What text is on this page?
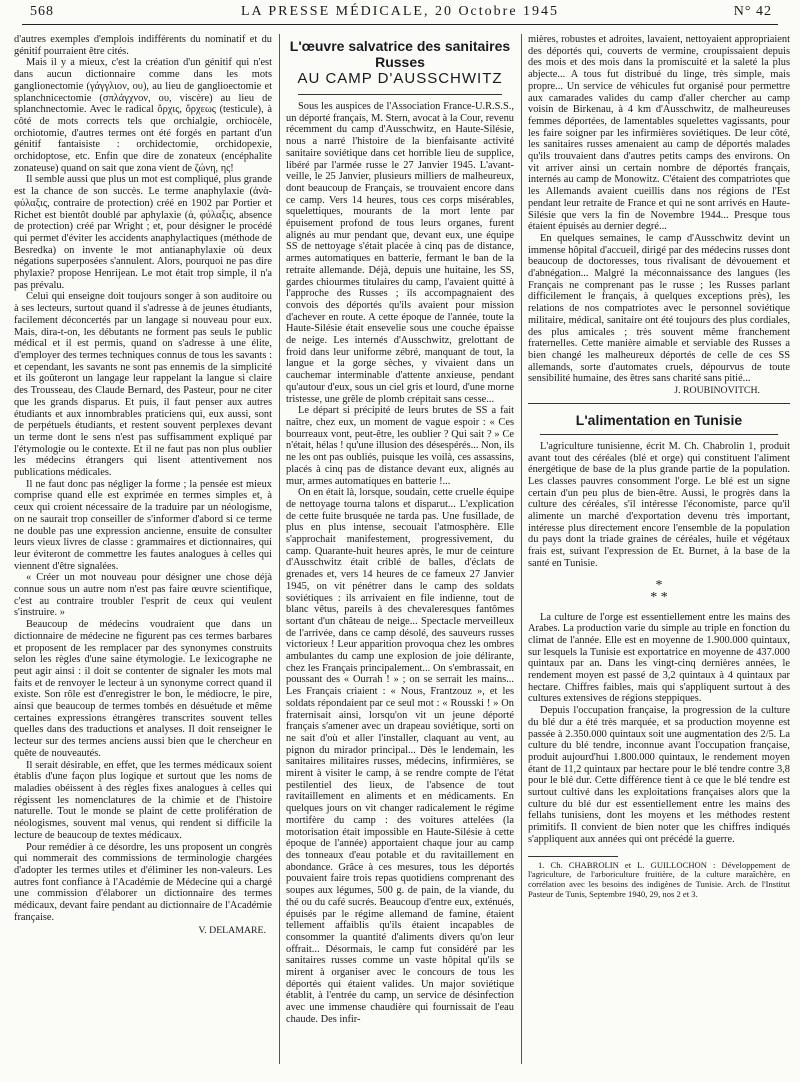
568	LA PRESSE MÉDICALE, 20 Octobre 1945	N° 42

d'autres exemples d'emplois indifférents du nominatif et du génitif pourraient être cités.

Mais il y a mieux, c'est la création d'un génitif qui n'est dans aucun dictionnaire comme dans les mots ganglionectomie (γάγγλιον, ου), au lieu de ganglioectomie et splanchnicectomie (σπλάγχνον, ου, viscère) au lieu de splanchnectomie. Avec le radical ὄρχις, ὄρχεως (testicule), à côté de mots corrects tels que orchialgie, orchiocèle, orchiotomie, d'autres termes ont été forgés en partant d'un génitif fantaisiste : orchidectomie, orchidopexie, orchidoptose, etc. Enfin que dire de zonateux (encéphalite zonateuse) quand on sait que zona vient de ζώνη, ης!

Il semble aussi que plus un mot est compliqué, plus grande est la chance de son succès. Le terme anaphylaxie (ἀνὰ-φύλαξις, contraire de protection) créé en 1902 par Portier et Richet est bientôt doublé par aphylaxie (ἀ, φύλαξις, absence de protection) créé par Wright ; et, pour désigner le procédé qui permet d'éviter les accidents anaphylactiques (méthode de Besredka) on invente le mot antianaphylaxie où deux négations superposées s'annulent. Alors, pourquoi ne pas dire phylaxie? propose Henrijean. Le mot était trop simple, il n'a pas prévalu.

Celui qui enseigne doit toujours songer à son auditoire ou à ses lecteurs, surtout quand il s'adresse à de jeunes étudiants, facilement déconcertés par un langage si nouveau pour eux. Mais, dira-t-on, les débutants ne forment pas seuls le public médical et il est permis, quand on s'adresse à une élite, d'employer des termes techniques connus de tous les savants : et cependant, les savants ne sont pas ennemis de la simplicité et ils goûteront un langage leur rappelant la langue si claire des Trousseau, des Claude Bernard, des Pasteur, pour ne citer que les grands disparus. Et puis, il faut penser aux autres étudiants et aux innombrables praticiens qui, eux aussi, sont de perpétuels étudiants, et restent souvent perplexes devant un terme dont le sens n'est pas suffisamment expliqué par l'étymologie ou le contexte. Et il ne faut pas non plus oublier les médecins étrangers qui lisent attentivement nos publications médicales.

Il ne faut donc pas négliger la forme ; la pensée est mieux comprise quand elle est exprimée en termes simples et, à ceux qui croient nécessaire de la traduire par un néologisme, on ne saurait trop conseiller de s'informer d'abord si ce terme ne double pas une expression ancienne, ensuite de consulter leurs vieux livres de classe : grammaires et dictionnaires, qui leur éviteront de commettre les fautes analogues à celles qui viennent d'être signalées.

« Créer un mot nouveau pour désigner une chose déjà connue sous un autre nom n'est pas faire œuvre scientifique, c'est au contraire troubler l'esprit de ceux qui veulent s'instruire. »

Beaucoup de médecins voudraient que dans un dictionnaire de médecine ne figurent pas ces termes barbares et proposent de les remplacer par des synonymes construits selon les règles d'une saine étymologie. Le lexicographe ne peut agir ainsi : il doit se contenter de signaler les mots mal faits et de renvoyer le lecteur à un synonyme correct quand il existe. Son rôle est d'enregistrer le bon, le médiocre, le pire, ainsi que beaucoup de termes tombés en désuétude et même certaines expressions étrangères transcrites souvent telles quelles dans des traductions et analyses. Il doit renseigner le lecteur sur des termes anciens aussi bien que le chercheur en quête de nouveautés.

Il serait désirable, en effet, que les termes médicaux soient établis d'une façon plus logique et surtout que les noms de maladies obéissent à des règles fixes analogues à celles qui régissent les nomenclatures de la chimie et de l'histoire naturelle. Tout le monde se plaint de cette prolifération de néologismes, souvent mal venus, qui rendent si difficile la lecture de beaucoup de textes médicaux.

Pour remédier à ce désordre, les uns proposent un congrès qui nommerait des commissions de terminologie chargées d'adopter les termes utiles et d'éliminer les non-valeurs. Les autres font confiance à l'Académie de Médecine qui a chargé une commission d'élaborer un dictionnaire des termes médicaux, devant faire pendant au dictionnaire de l'Académie française.

V. DELAMARE.
L'œuvre salvatrice des sanitaires Russes
AU CAMP D'AUSSCHWITZ

Sous les auspices de l'Association France-U.R.S.S., un déporté français, M. Stern, avocat à la Cour, revenu récemment du camp d'Ausschwitz, en Haute-Silésie, nous a narré l'histoire de la bienfaisante activité sanitaire soviétique dans cet horrible lieu de supplice, libéré par l'armée russe le 27 Janvier 1945. L'avant-veille, le 25 Janvier, plusieurs milliers de malheureux, dont beaucoup de Français, se trouvaient encore dans ce camp. Vers 14 heures, tous ces corps misérables, squelettiques, mourants de la mort lente par épuisement profond de tous leurs organes, furent alignés au mur pendant que, devant eux, une équipe SS de nettoyage s'était placée à cinq pas de distance, armes automatiques en batterie, fermant le ban de la retraite allemande. Déjà, depuis une huitaine, les SS, gardes chiourmes titulaires du camp, l'avaient quitté à l'approche des Russes ; ils accompagnaient des convois des déportés qu'ils avaient pour mission d'achever en route. A cette époque de l'année, toute la Haute-Silésie était ensevelie sous une couche épaisse de neige. Les internés d'Ausschwitz, grelottant de froid dans leur uniforme zébré, manquant de tout, la langue et la gorge sèches, y vivaient dans un cauchemar interminable d'attente anxieuse, pendant qu'autour d'eux, sous un ciel gris et lourd, d'une morne tristesse, une grêle de plomb crépitait sans cesse...

Le départ si précipité de leurs brutes de SS a fait naître, chez eux, un moment de vague espoir : « Ces bourreaux vont, peut-être, les oublier ? Qui sait ? » Ce n'était, hélas ! qu'une illusion des désespérés... Non, ils ne les ont pas oubliés, puisque les voilà, ces assassins, placés à cinq pas de distance devant eux, alignés au mur, armes automatiques en batterie !...

On en était là, lorsque, soudain, cette cruelle équipe de nettoyage tourna talons et disparut... L'explication de cette fuite brusquée ne tarda pas. Une fusillade, de plus en plus intense, secouait l'atmosphère. Elle s'approchait manifestement, progressivement, du camp. Quarante-huit heures après, le mur de ceinture d'Ausschwitz était criblé de balles, d'éclats de grenades et, vers 14 heures de ce fameux 27 Janvier 1945, on vit pénétrer dans le camp des soldats soviétiques : ils arrivaient en file indienne, tout de blanc vêtus, pareils à des chevaleresques fantômes sortant d'un château de neige... Spectacle merveilleux de l'arrivée, dans ce camp désolé, des sauveurs russes victorieux ! Leur apparition provoqua chez les ombres ambulantes du camp une explosion de joie délirante, chez les Français principalement... On s'embrassait, en poussant des « Ourrah ! » ; on se serrait les mains... Les Français criaient : « Nous, Frantzouz », et les soldats répondaient par ce seul mot : « Rousski ! » On fraternisait ainsi, lorsqu'on vit un jeune déporté français s'amener avec un drapeau soviétique, sorti on ne sait d'où et aller l'installer, claquant au vent, au pignon du mirador principal... Dès le lendemain, les sanitaires militaires russes, médecins, infirmières, se mirent à visiter le camp, à se rendre compte de l'état pestilentiel des lieux, de l'absence de tout ravitaillement en aliments et en médicaments. En quelques jours on vit changer radicalement le régime mortifère du camp : des voitures attelées (la motorisation était impossible en Haute-Silésie à cette époque de l'année) apportaient chaque jour au camp des tonneaux d'eau potable et du ravitaillement en abondance. Grâce à ces mesures, tous les déportés pouvaient faire trois repas quotidiens comprenant des soupes aux légumes, 500 g. de pain, de la viande, du thé ou du café sucrés. Beaucoup d'entre eux, exténués, épuisés par le régime allemand de famine, étaient tellement affaiblis qu'ils étaient incapables de consommer la quantité d'aliments divers qu'on leur offrait... Désormais, le camp fut considéré par les sanitaires russes comme un vaste hôpital qu'ils se mirent à organiser avec le concours de tous les déportés qui étaient valides. Un major soviétique établit, à l'entrée du camp, un service de désinfection avec une immense chaudière qui fournissait de l'eau chaude. Des infir-

mières, robustes et adroites, lavaient, nettoyaient appropriaient des déportés qui, couverts de vermine, croupissaient depuis des mois et des mois dans la promiscuité et la saleté la plus abjecte... A tous fut distribué du linge, très simple, mais propre... Un service de véhicules fut organisé pour permettre aux camarades valides du camp d'aller chercher au camp voisin de Birkenau, à 4 km d'Ausschwitz, de malheureuses femmes déportées, de lamentables squelettes vagissants, pour les faire soigner par les infirmières soviétiques. De leur côté, les sanitaires russes amenaient au camp de déportés malades qu'ils trouvaient dans d'autres petits camps des environs. On vit arriver ainsi un certain nombre de déportés français, internés au camp de Monowitz. C'étaient des compatriotes que les Allemands avaient cueillis dans nos régions de l'Est pendant leur retraite de France et qui ne sont arrivés en Haute-Silésie que vers la fin de Novembre 1944... Presque tous étaient épuisés au dernier degré...

En quelques semaines, le camp d'Ausschwitz devint un immense hôpital d'accueil, dirigé par des médecins russes dont beaucoup de doctoresses, tous rivalisant de dévouement et d'abnégation... Malgré la méconnaissance des langues (les Français ne comprenant pas le russe ; les Russes parlant difficilement le français, à quelques exceptions près), les relations de nos compatriotes avec le personnel soviétique militaire, médical, sanitaire ont été toujours des plus cordiales, des plus amicales ; très souvent même franchement fraternelles. Cette manière aimable et serviable des Russes a bien changé les malheureux déportés de celle de ces SS allemands, sorte d'automates cruels, dépourvus de toute sensibilité humaine, des êtres sans charité sans pitié...

J. ROUBINOVITCH.
L'alimentation en Tunisie

L'agriculture tunisienne, écrit M. Ch. Chabrolin 1, produit avant tout des céréales (blé et orge) qui constituent l'aliment énergétique de base de la plus grande partie de la population. Les classes pauvres consomment l'orge. Le blé est un signe certain d'un peu plus de bien-être. Aussi, le progrès dans la culture des céréales, s'il intéresse l'économiste, parce qu'il alimente un marché d'exportation devenu très important, intéresse plus directement encore l'ensemble de la population du pays dont la triade graines de céréales, huile et végétaux frais est, suivant l'expression de Et. Burnet, à la base de la santé en Tunisie.

*
* *

La culture de l'orge est essentiellement entre les mains des Arabes. La production varie du simple au triple en fonction du climat de l'année. Elle est en moyenne de 1.900.000 quintaux, sur lesquels la Tunisie est exportatrice en moyenne de 437.000 quintaux par an. Dans les vingt-cinq dernières années, le rendement moyen est passé de 3,2 quintaux à 4 quintaux par hectare. Chiffres faibles, mais qui s'appliquent surtout à des cultures extensives de régions steppiques.

Depuis l'occupation française, la progression de la culture du blé dur a été très marquée, et sa production moyenne est passée à 2.350.000 quintaux soit une augmentation des 2/5. La culture du blé tendre, inconnue avant l'occupation française, produit aujourd'hui 1.800.000 quintaux, le rendement moyen étant de 11,2 quintaux par hectare pour le blé tendre contre 3,8 pour le blé dur. Cette différence tient à ce que le blé tendre est surtout cultivé dans les exploitations françaises alors que la culture du blé dur est essentiellement entre les mains des fellahs tunisiens, dont les moyens et les méthodes restent primitifs. Il convient de bien noter que les chiffres indiqués s'appliquent aux années qui ont précédé la guerre.

1. Ch. CHABROLIN et L. GUILLOCHON : Développement de l'agriculture, de l'arboriculture fruitière, de la culture maraîchère, en corrélation avec les besoins des indigènes de Tunisie. Arch. de l'Institut Pasteur de Tunis, Septembre 1940, 29, nos 2 et 3.
